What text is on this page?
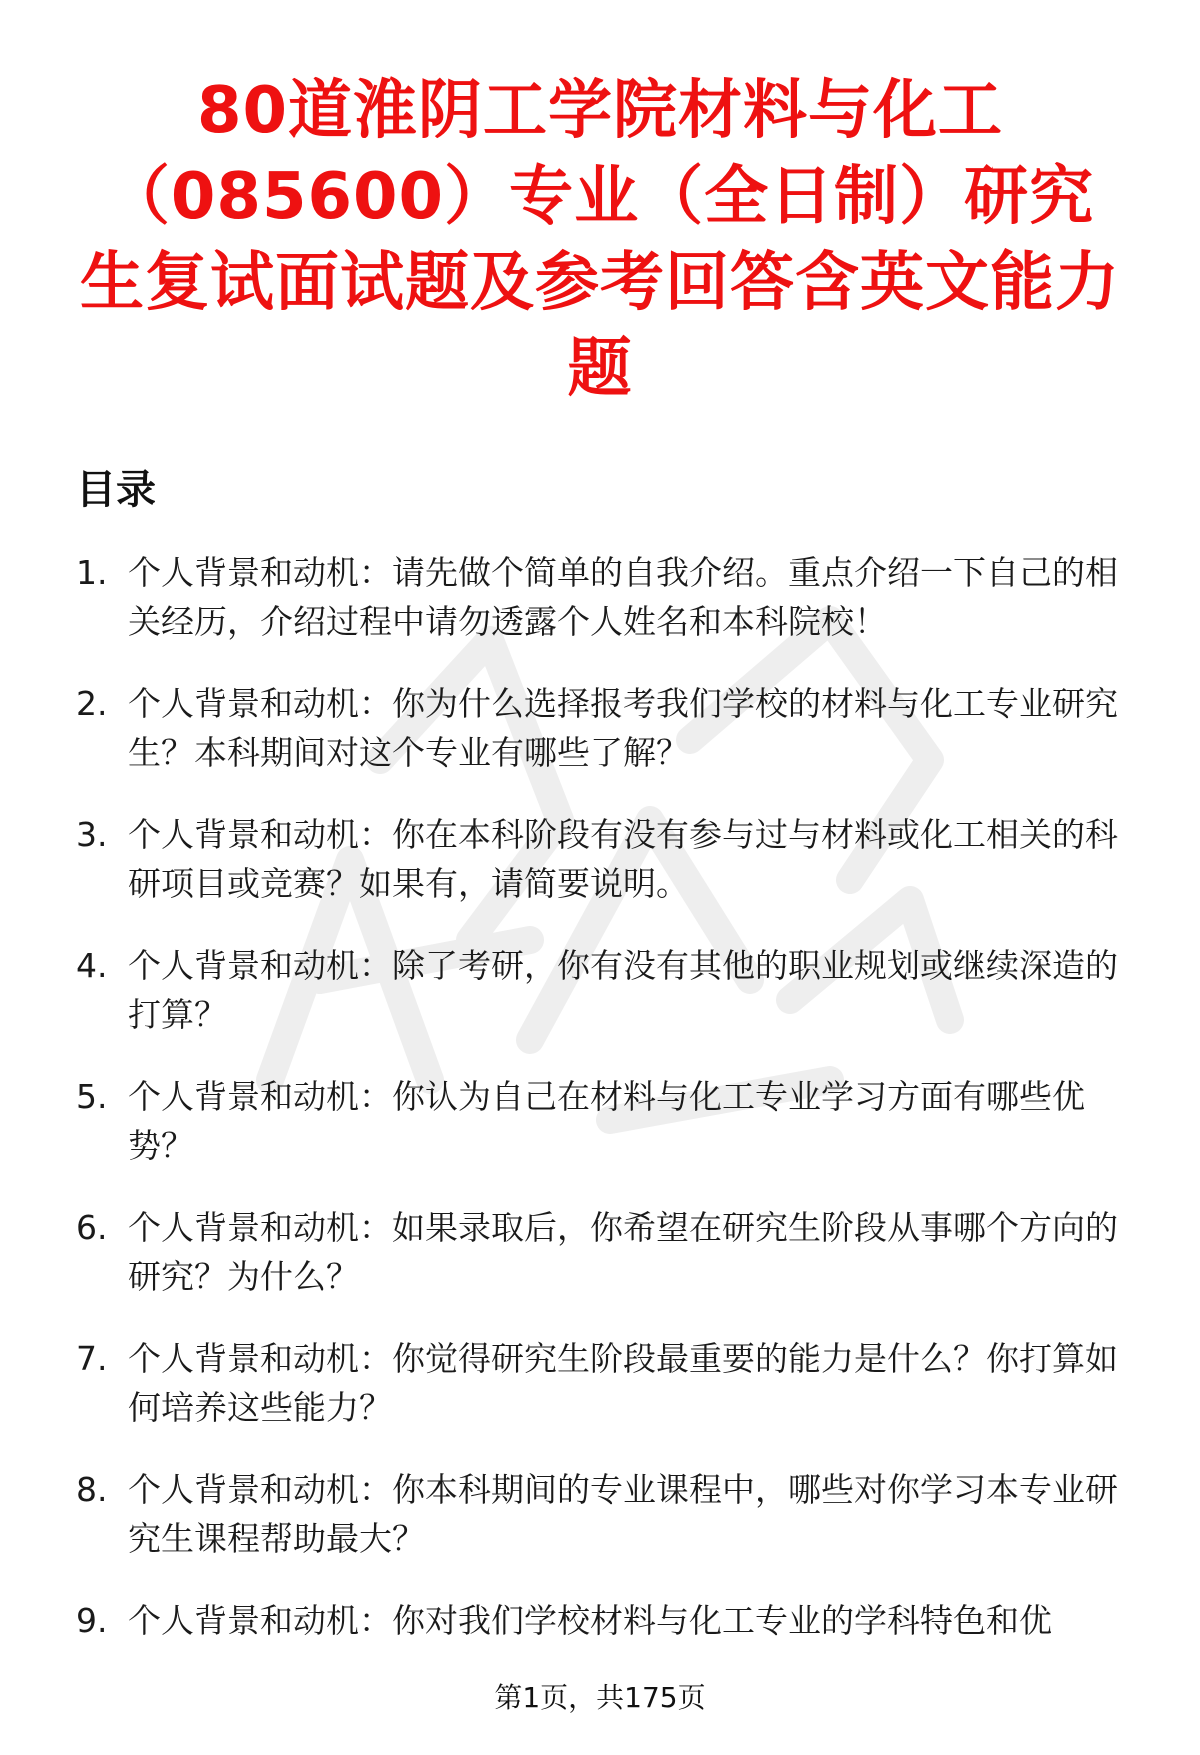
80道淮阴工学院材料与化工（085600）专业（全日制）研究生复试面试题及参考回答含英文能力题
目录
1. 个人背景和动机：请先做个简单的自我介绍。重点介绍一下自己的相关经历，介绍过程中请勿透露个人姓名和本科院校！
2. 个人背景和动机：你为什么选择报考我们学校的材料与化工专业研究生？本科期间对这个专业有哪些了解？
3. 个人背景和动机：你在本科阶段有没有参与过与材料或化工相关的科研项目或竞赛？如果有，请简要说明。
4. 个人背景和动机：除了考研，你有没有其他的职业规划或继续深造的打算？
5. 个人背景和动机：你认为自己在材料与化工专业学习方面有哪些优势？
6. 个人背景和动机：如果录取后，你希望在研究生阶段从事哪个方向的研究？为什么？
7. 个人背景和动机：你觉得研究生阶段最重要的能力是什么？你打算如何培养这些能力？
8. 个人背景和动机：你本科期间的专业课程中，哪些对你学习本专业研究生课程帮助最大？
9. 个人背景和动机：你对我们学校材料与化工专业的学科特色和优
第1页，共175页
